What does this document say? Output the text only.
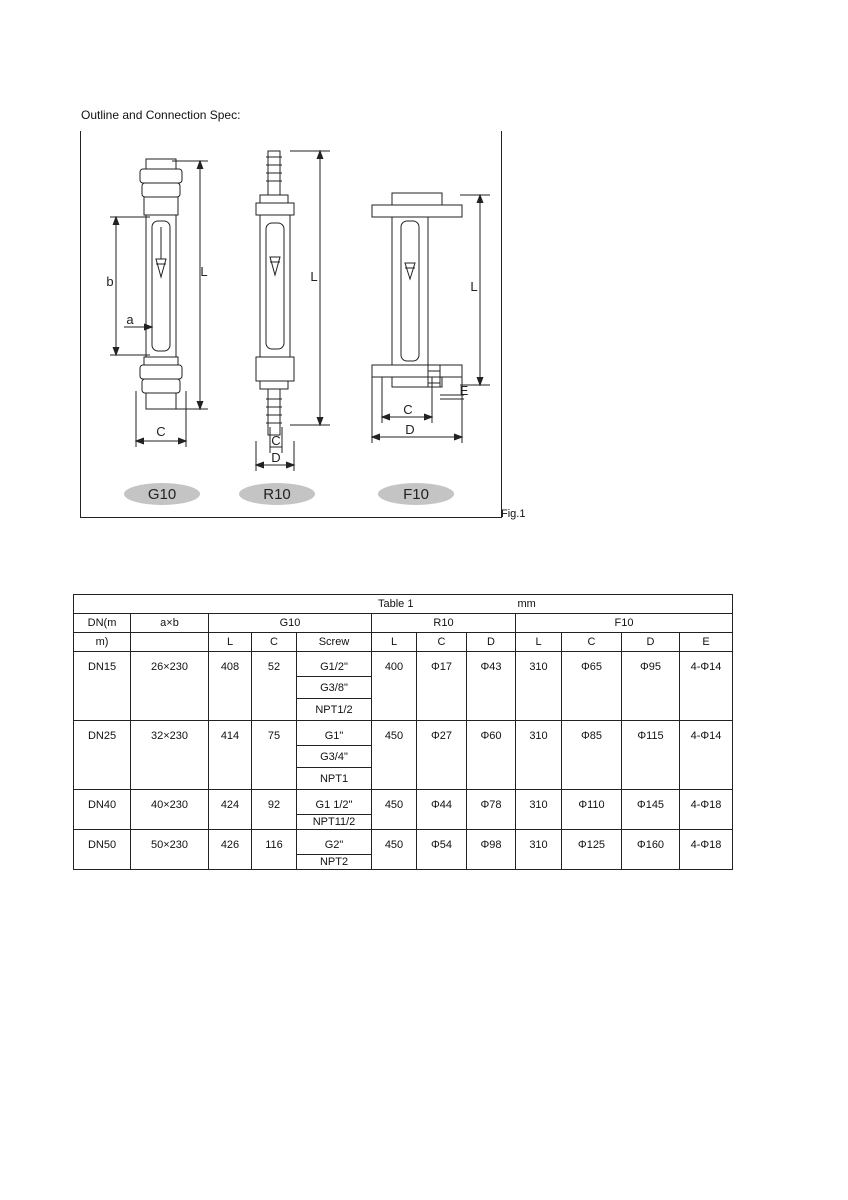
Outline and Connection Spec:
L
b
a
C
L
C
D
L
E
C
D
G10	R10	F10
Fig.1
Table 1 mm											
DN(m	a×b	G10			R10			F10			
m)		L	C	Screw	L	C	D	L	C	D	E
DN15	26×230	408	52	G1/2"	400	Φ17	Φ43	310	Φ65	Φ95	4-Φ14
				G3/8"							
				NPT1/2							
DN25	32×230	414	75	G1"	450	Φ27	Φ60	310	Φ85	Φ115	4-Φ14
				G3/4"							
				NPT1							
DN40	40×230	424	92	G1 1/2"	450	Φ44	Φ78	310	Φ110	Φ145	4-Φ18
				NPT11/2							
DN50	50×230	426	116	G2"	450	Φ54	Φ98	310	Φ125	Φ160	4-Φ18
				NPT2							
